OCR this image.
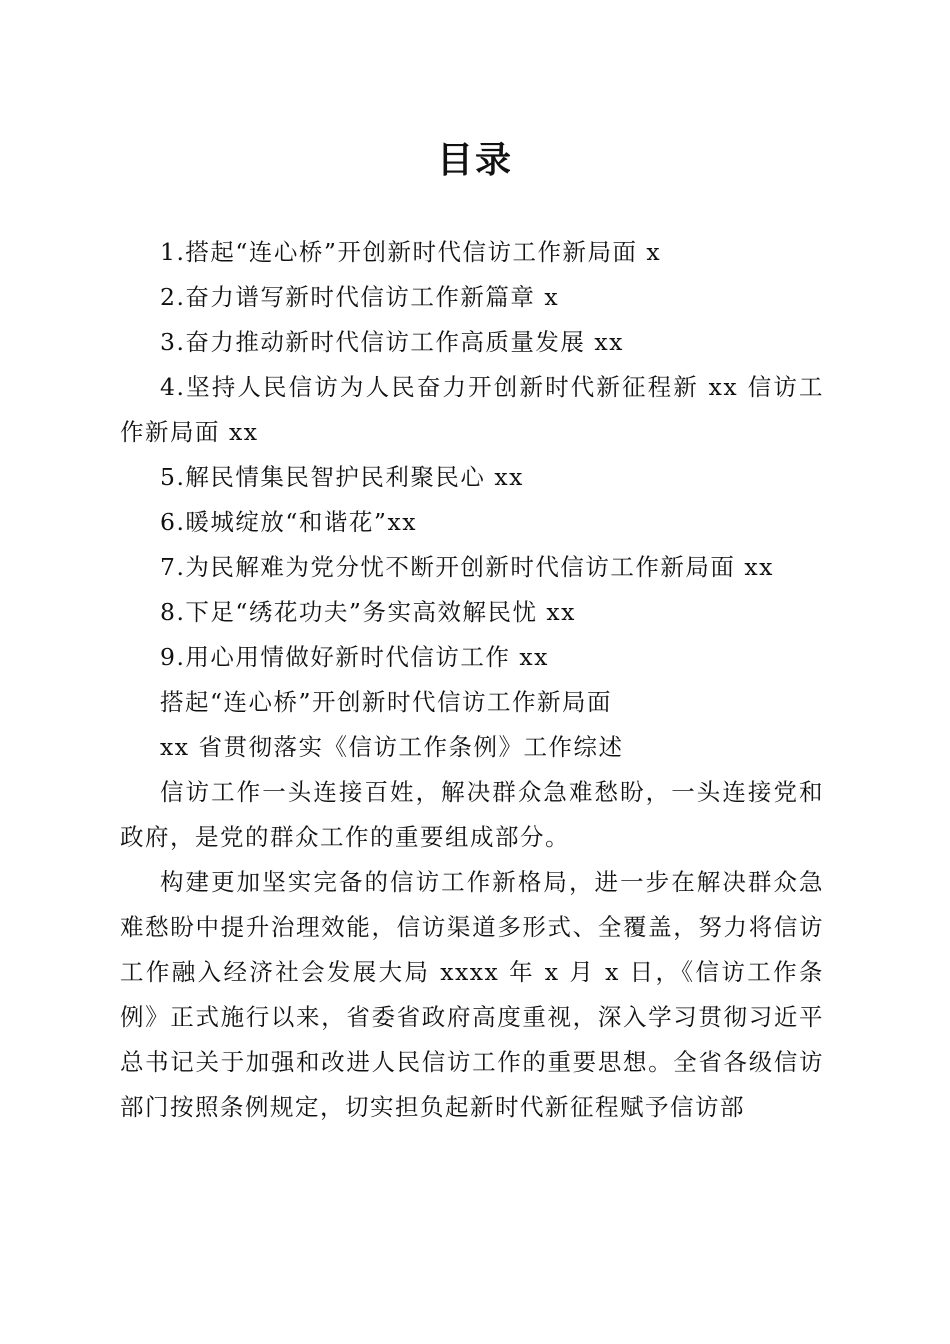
目录

1.搭起“连心桥”开创新时代信访工作新局面 x

2.奋力谱写新时代信访工作新篇章 x

3.奋力推动新时代信访工作高质量发展 xx

4.坚持人民信访为人民奋力开创新时代新征程新 xx 信访工作新局面 xx

5.解民情集民智护民利聚民心 xx

6.暖城绽放“和谐花”xx

7.为民解难为党分忧不断开创新时代信访工作新局面 xx

8.下足“绣花功夫”务实高效解民忧 xx

9.用心用情做好新时代信访工作 xx

搭起“连心桥”开创新时代信访工作新局面

xx 省贯彻落实《信访工作条例》工作综述

信访工作一头连接百姓，解决群众急难愁盼，一头连接党和政府，是党的群众工作的重要组成部分。

构建更加坚实完备的信访工作新格局，进一步在解决群众急难愁盼中提升治理效能，信访渠道多形式、全覆盖，努力将信访工作融入经济社会发展大局 xxxx 年 x 月 x 日，《信访工作条例》正式施行以来，省委省政府高度重视，深入学习贯彻习近平总书记关于加强和改进人民信访工作的重要思想。全省各级信访部门按照条例规定，切实担负起新时代新征程赋予信访部
